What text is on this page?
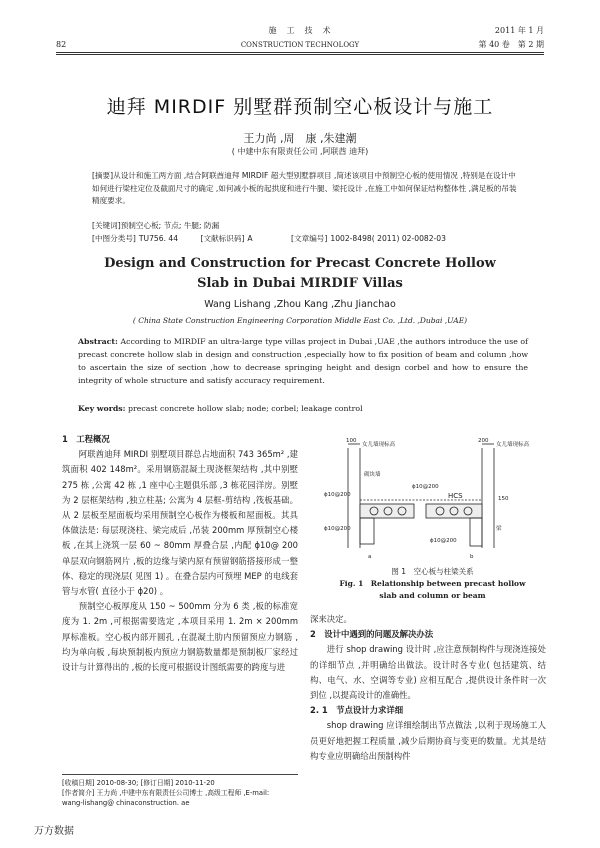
82
施　工　技　术
CONSTRUCTION TECHNOLOGY
2011 年 1 月
第 40 卷　第 2 期
迪拜 MIRDIF 别墅群预制空心板设计与施工
王力尚 ,周　康 ,朱建潮
( 中建中东有限责任公司 ,阿联酋 迪拜)
[摘要]从设计和施工两方面 ,结合阿联酋迪拜 MIRDIF 超大型别墅群项目 ,简述该项目中预制空心板的使用情况 ,特别是在设计中如何进行梁柱定位及截面尺寸的确定 ,如何减小板的起拱度和进行牛腿、梁托设计 ,在施工中如何保证结构整体性 ,满足板的吊装精度要求。
[关键词]预制空心板; 节点; 牛腿; 防漏
[中图分类号] TU756. 44	[文献标识码] A	[文章编号] 1002-8498( 2011) 02-0082-03
Design and Construction for Precast Concrete Hollow
Slab in Dubai MIRDIF Villas
Wang Lishang ,Zhou Kang ,Zhu Jianchao
( China State Construction Engineering Corporation Middle East Co. ,Ltd. ,Dubai ,UAE)
Abstract: According to MIRDIF an ultra-large type villas project in Dubai ,UAE ,the authors introduce the use of precast concrete hollow slab in design and construction ,especially how to fix position of beam and column ,how to ascertain the size of section ,how to decrease springing height and design corbel and how to ensure the integrity of whole structure and satisfy accuracy requirement.
Key words: precast concrete hollow slab; node; corbel; leakage control
1　工程概况

阿联酋迪拜 MIRDI 别墅项目群总占地面积 743 365m² ,建筑面积 402 148m²。采用钢筋混凝土现浇框架结构 ,其中别墅 275 栋 ,公寓 42 栋 ,1 座中心主题俱乐部 ,3 栋花园洋房。别墅为 2 层框架结构 ,独立柱基; 公寓为 4 层框-剪结构 ,筏板基础。从 2 层板至屋面板均采用预制空心板作为楼板和屋面板。其具体做法是: 每层现浇柱、梁完成后 ,吊装 200mm 厚预制空心楼板 ,在其上浇筑一层 60 ~ 80mm 厚叠合层 ,内配 ϕ10@ 200 单层双向钢筋网片 ,板的边缘与梁内原有预留钢筋搭接形成一整体、稳定的现浇层( 见图 1) 。在叠合层内可预埋 MEP 的电线套管与水管( 直径小于 ϕ20) 。

预制空心板厚度从 150 ~ 500mm 分为 6 类 ,板的标准宽度为 1. 2m ,可根据需要选定 ,本项目采用 1. 2m × 200mm 厚标准板。空心板内部开圆孔 ,在混凝土肋内预留预应力钢筋 ,均为单向板 ,每块预制板内预应力钢筋数量都是预制板厂家经过设计与计算得出的 ,板的长度可根据设计图纸需要的跨度与进

[收稿日期] 2010-08-30; [修订日期] 2010-11-20
[作者简介] 王力尚 ,中建中东有限责任公司博士 ,高级工程师 ,E-mail: wang-lishang@ chinaconstruction. ae
100
女儿墙现标高
200
女儿墙现标高
砌块墙
ϕ10@200
ϕ10@200
HCS	150
梁
ϕ10@200
ϕ10@200
a	b
图 1　空心板与柱梁关系
Fig. 1　Relationship between precast hollow
slab and column or beam
深来决定。
2　设计中遇到的问题及解决办法

进行 shop drawing 设计时 ,应注意预制构件与现浇连接处的详细节点 ,并明确给出做法。设计时各专业( 包括建筑、结构、电气、水、空调等专业) 应相互配合 ,提供设计条件时一次到位 ,以提高设计的准确性。

2. 1　节点设计力求详细

shop drawing 应详细绘制出节点做法 ,以利于现场施工人员更好地把握工程质量 ,减少后期协商与变更的数量。尤其是结构专业应明确给出预制构件

万方数据
